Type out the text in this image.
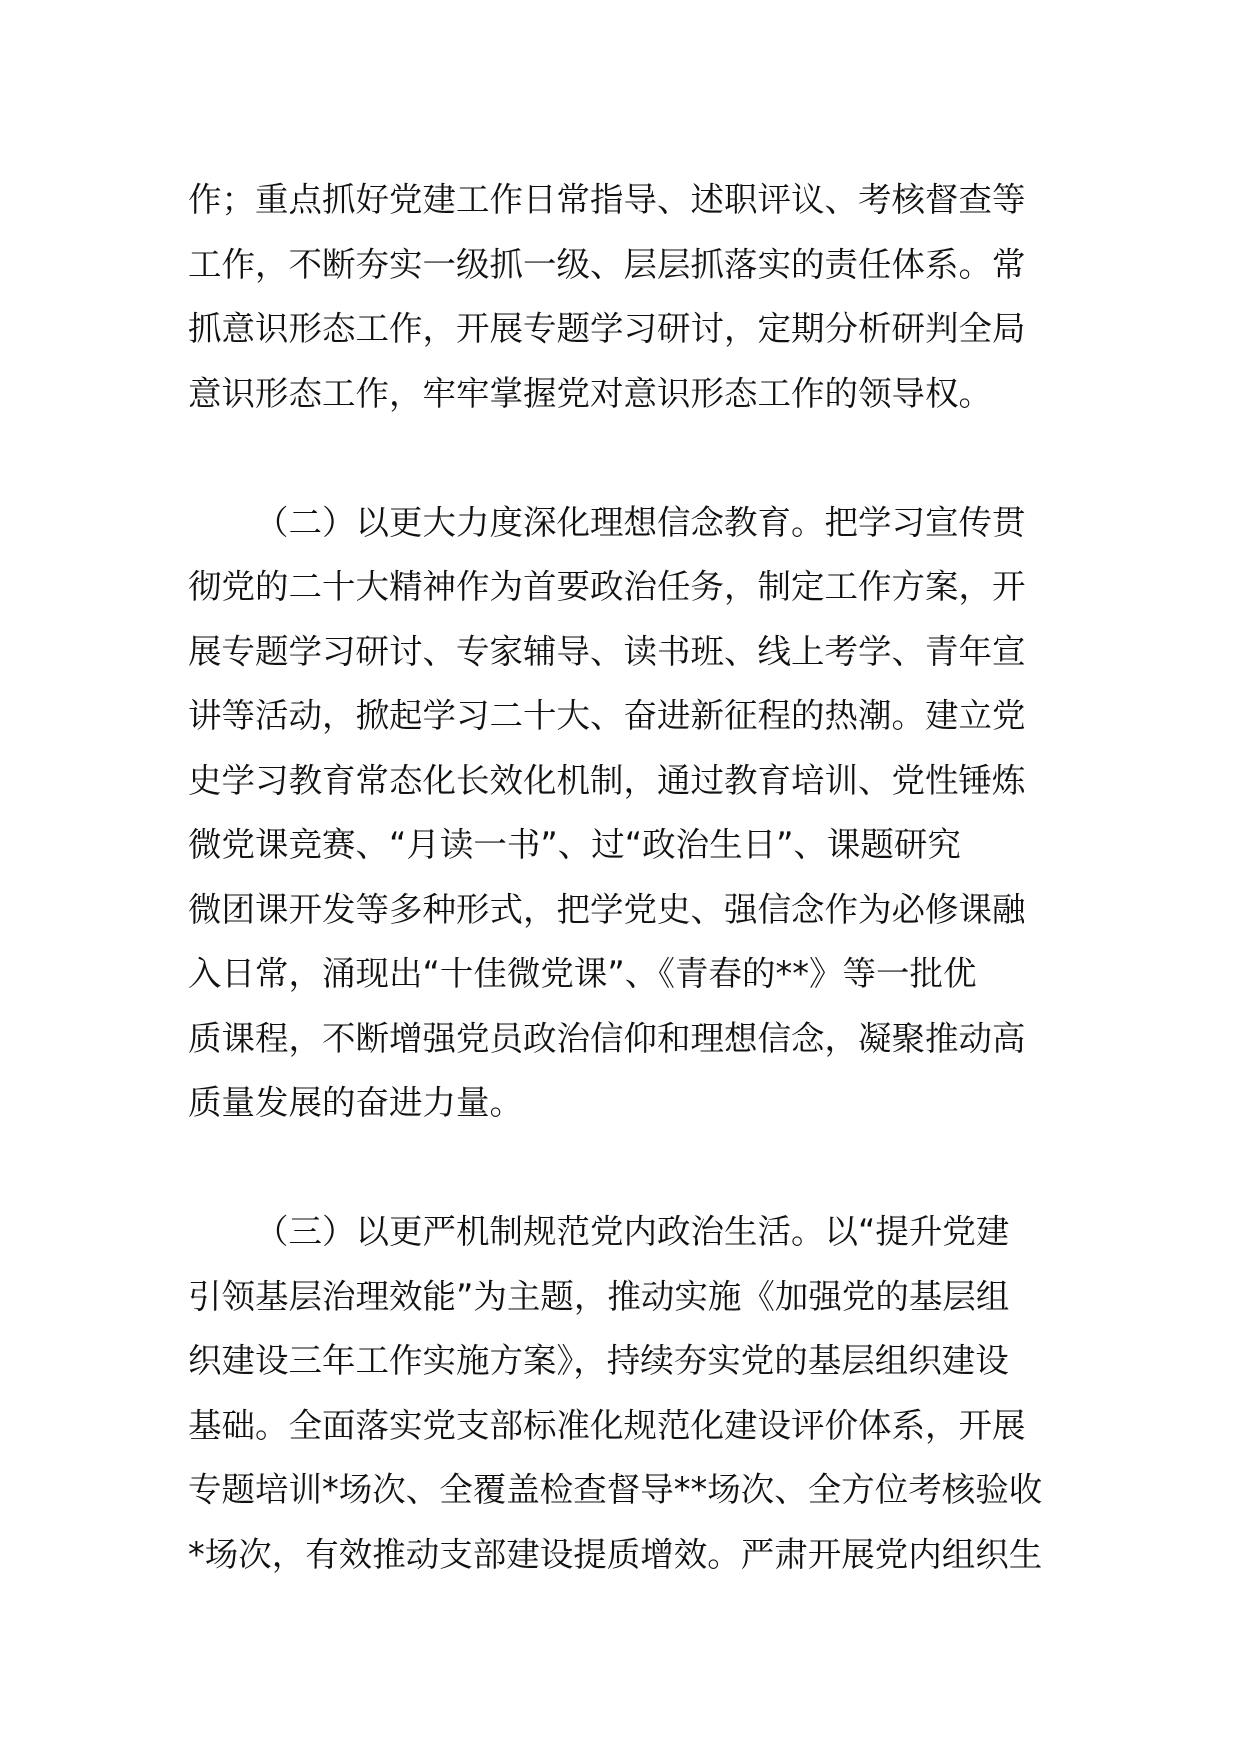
作；重点抓好党建工作日常指导、述职评议、考核督查等
工作，不断夯实一级抓一级、层层抓落实的责任体系。常
抓意识形态工作，开展专题学习研讨，定期分析研判全局
意识形态工作，牢牢掌握党对意识形态工作的领导权。

（二）以更大力度深化理想信念教育。把学习宣传贯
彻党的二十大精神作为首要政治任务，制定工作方案，开
展专题学习研讨、专家辅导、读书班、线上考学、青年宣
讲等活动，掀起学习二十大、奋进新征程的热潮。建立党
史学习教育常态化长效化机制，通过教育培训、党性锤炼
微党课竞赛、“月读一书”、过“政治生日”、课题研究
微团课开发等多种形式，把学党史、强信念作为必修课融
入日常，涌现出“十佳微党课”、《青春的**》等一批优
质课程，不断增强党员政治信仰和理想信念，凝聚推动高
质量发展的奋进力量。

（三）以更严机制规范党内政治生活。以“提升党建
引领基层治理效能”为主题，推动实施《加强党的基层组
织建设三年工作实施方案》，持续夯实党的基层组织建设
基础。全面落实党支部标准化规范化建设评价体系，开展
专题培训*场次、全覆盖检查督导**场次、全方位考核验收
*场次，有效推动支部建设提质增效。严肃开展党内组织生
